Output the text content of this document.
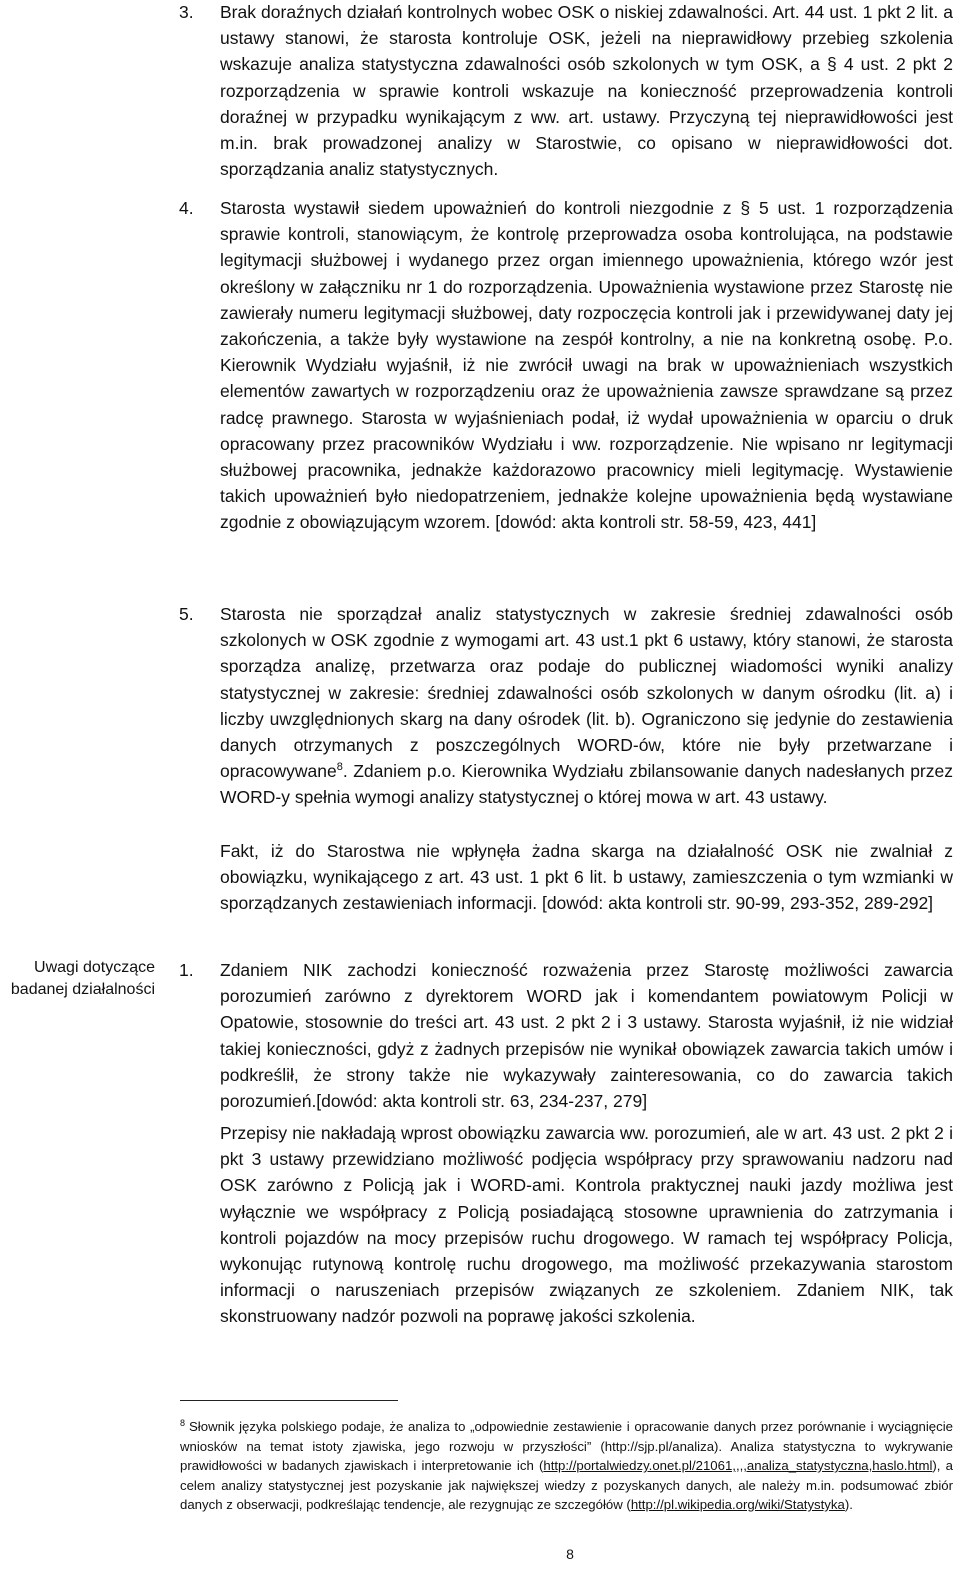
Uwagi dotyczące
badanej działalności
3.	Brak doraźnych działań kontrolnych wobec OSK o niskiej zdawalności. Art. 44 ust. 1 pkt 2 lit. a ustawy stanowi, że starosta kontroluje OSK, jeżeli na nieprawidłowy przebieg szkolenia wskazuje analiza statystyczna zdawalności osób szkolonych w tym OSK, a § 4 ust. 2 pkt 2 rozporządzenia w sprawie kontroli wskazuje na konieczność przeprowadzenia kontroli doraźnej w przypadku wynikającym z ww. art. ustawy. Przyczyną tej nieprawidłowości jest m.in. brak prowadzonej analizy w Starostwie, co opisano w nieprawidłowości dot. sporządzania analiz statystycznych.
4.	Starosta wystawił siedem upoważnień do kontroli niezgodnie z § 5 ust. 1 rozporządzenia sprawie kontroli, stanowiącym, że kontrolę przeprowadza osoba kontrolująca, na podstawie legitymacji służbowej i wydanego przez organ imiennego upoważnienia, którego wzór jest określony w załączniku nr 1 do rozporządzenia. Upoważnienia wystawione przez Starostę nie zawierały numeru legitymacji służbowej, daty rozpoczęcia kontroli jak i przewidywanej daty jej zakończenia, a także były wystawione na zespół kontrolny, a nie na konkretną osobę. P.o. Kierownik Wydziału wyjaśnił, iż nie zwrócił uwagi na brak w upoważnieniach wszystkich elementów zawartych w rozporządzeniu oraz że upoważnienia zawsze sprawdzane są przez radcę prawnego. Starosta w wyjaśnieniach podał, iż wydał upoważnienia w oparciu o druk opracowany przez pracowników Wydziału i ww. rozporządzenie. Nie wpisano nr legitymacji służbowej pracownika, jednakże każdorazowo pracownicy mieli legitymację. Wystawienie takich upoważnień było niedopatrzeniem, jednakże kolejne upoważnienia będą wystawiane zgodnie z obowiązującym wzorem. [dowód: akta kontroli str. 58-59, 423, 441]
5.	Starosta nie sporządzał analiz statystycznych w zakresie średniej zdawalności osób szkolonych w OSK zgodnie z wymogami art. 43 ust.1 pkt 6 ustawy, który stanowi, że starosta sporządza analizę, przetwarza oraz podaje do publicznej wiadomości wyniki analizy statystycznej w zakresie: średniej zdawalności osób szkolonych w danym ośrodku (lit. a) i liczby uwzględnionych skarg na dany ośrodek (lit. b). Ograniczono się jedynie do zestawienia danych otrzymanych z poszczególnych WORD-ów, które nie były przetwarzane i opracowywane$^8$. Zdaniem p.o. Kierownika Wydziału zbilansowanie danych nadesłanych przez WORD-y spełnia wymogi analizy statystycznej o której mowa w art. 43 ustawy.
Fakt, iż do Starostwa nie wpłynęła żadna skarga na działalność OSK nie zwalniał z obowiązku, wynikającego z art. 43 ust. 1 pkt 6 lit. b ustawy, zamieszczenia o tym wzmianki w sporządzanych zestawieniach informacji. [dowód: akta kontroli str. 90-99, 293-352, 289-292]
1.	Zdaniem NIK zachodzi konieczność rozważenia przez Starostę możliwości zawarcia porozumień zarówno z dyrektorem WORD jak i komendantem powiatowym Policji w Opatowie, stosownie do treści art. 43 ust. 2 pkt 2 i 3 ustawy. Starosta wyjaśnił, iż nie widział takiej konieczności, gdyż z żadnych przepisów nie wynikał obowiązek zawarcia takich umów i podkreślił, że strony także nie wykazywały zainteresowania, co do zawarcia takich porozumień.[dowód: akta kontroli str. 63, 234-237, 279]
Przepisy nie nakładają wprost obowiązku zawarcia ww. porozumień, ale w art. 43 ust. 2 pkt 2 i pkt 3 ustawy przewidziano możliwość podjęcia współpracy przy sprawowaniu nadzoru nad OSK zarówno z Policją jak i WORD-ami. Kontrola praktycznej nauki jazdy możliwa jest wyłącznie we współpracy z Policją posiadającą stosowne uprawnienia do zatrzymania i kontroli pojazdów na mocy przepisów ruchu drogowego. W ramach tej współpracy Policja, wykonując rutynową kontrolę ruchu drogowego, ma możliwość przekazywania starostom informacji o naruszeniach przepisów związanych ze szkoleniem. Zdaniem NIK, tak skonstruowany nadzór pozwoli na poprawę jakości szkolenia.
$^8$ Słownik języka polskiego podaje, że analiza to „odpowiednie zestawienie i opracowanie danych przez porównanie i wyciągnięcie wniosków na temat istoty zjawiska, jego rozwoju w przyszłości” (http://sjp.pl/analiza). Analiza statystyczna to wykrywanie prawidłowości w badanych zjawiskach i interpretowanie ich (http://portalwiedzy.onet.pl/21061,,,,analiza_statystyczna,haslo.html), a celem analizy statystycznej jest pozyskanie jak największej wiedzy z pozyskanych danych, ale należy m.in. podsumować zbiór danych z obserwacji, podkreślając tendencje, ale rezygnując ze szczegółów (http://pl.wikipedia.org/wiki/Statystyka).
8
